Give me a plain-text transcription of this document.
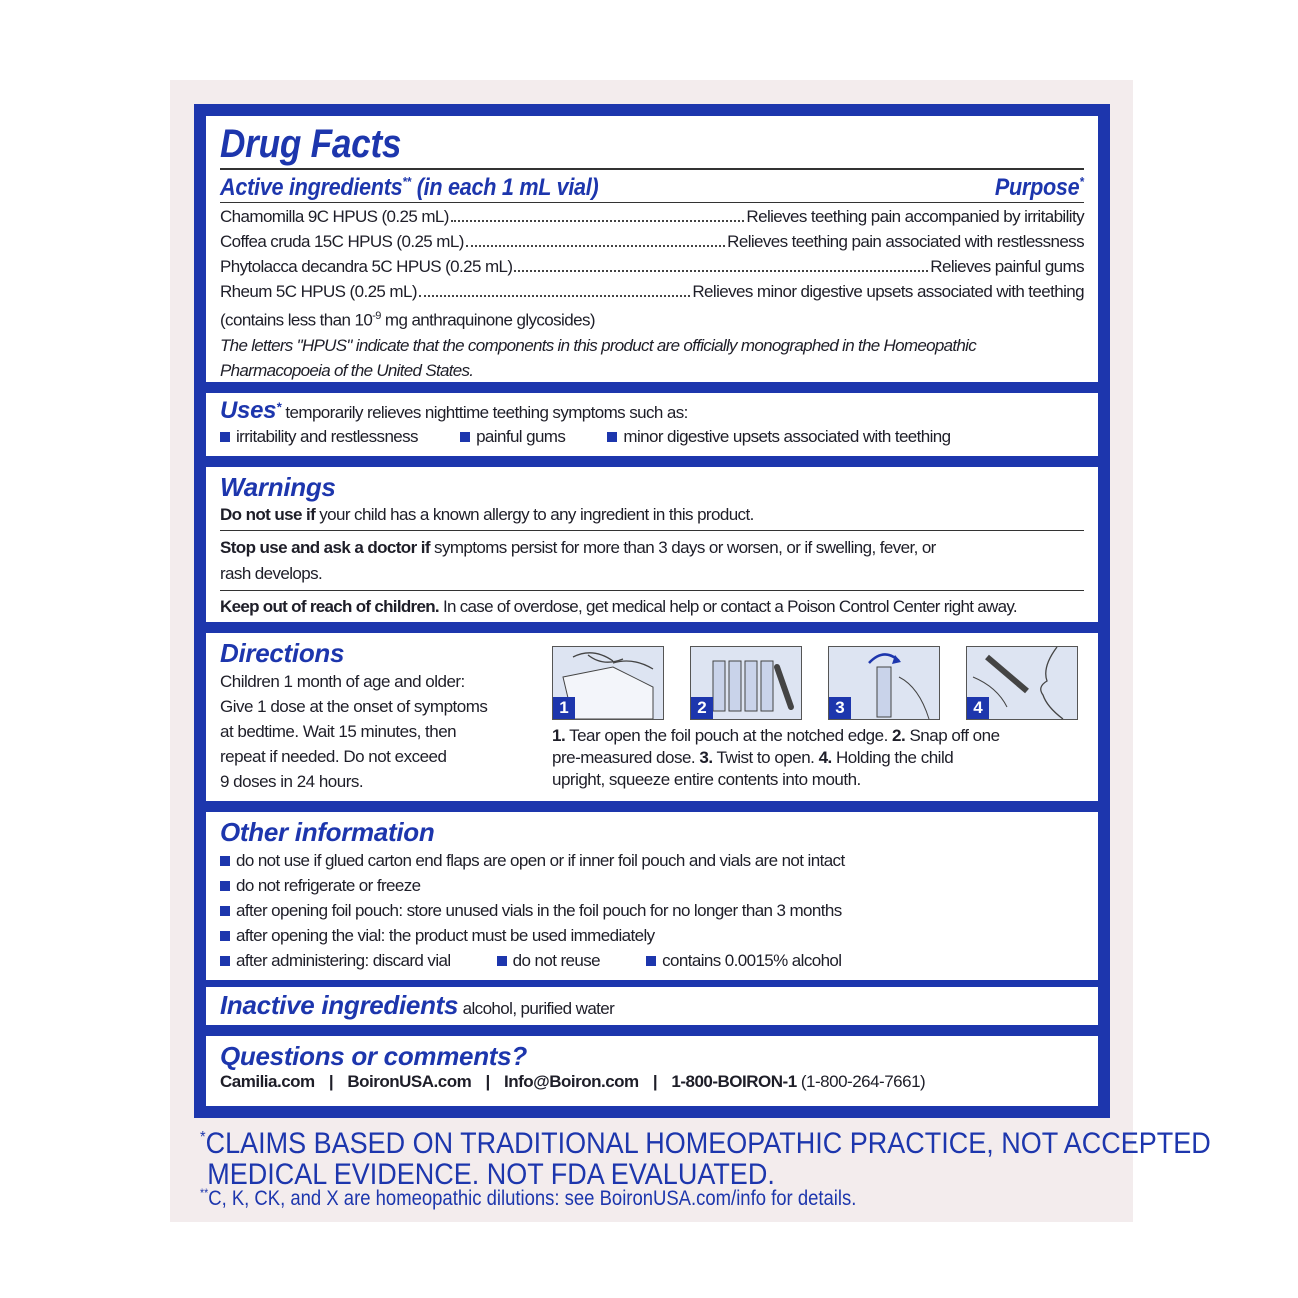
Drug Facts
Active ingredients** (in each 1 mL vial)	Purpose*
Chamomilla 9C HPUS (0.25 mL)	Relieves teething pain accompanied by irritability
Coffea cruda 15C HPUS (0.25 mL)	Relieves teething pain associated with restlessness
Phytolacca decandra 5C HPUS (0.25 mL)	Relieves painful gums
Rheum 5C HPUS (0.25 mL)	Relieves minor digestive upsets associated with teething
(contains less than $10^{-9}$ mg anthraquinone glycosides)
The letters "HPUS" indicate that the components in this product are officially monographed in the Homeopathic
Pharmacopoeia of the United States.
Uses* temporarily relieves nighttime teething symptoms such as:
irritability and restlessness	painful gums	minor digestive upsets associated with teething
Warnings
Do not use if your child has a known allergy to any ingredient in this product.
Stop use and ask a doctor if symptoms persist for more than 3 days or worsen, or if swelling, fever, or
rash develops.
Keep out of reach of children. In case of overdose, get medical help or contact a Poison Control Center right away.
Directions
Children 1 month of age and older:
Give 1 dose at the onset of symptoms
at bedtime. Wait 15 minutes, then
repeat if needed. Do not exceed
9 doses in 24 hours.
1	2	3	4
1. Tear open the foil pouch at the notched edge. 2. Snap off one
pre-measured dose. 3. Twist to open. 4. Holding the child
upright, squeeze entire contents into mouth.
Other information
do not use if glued carton end flaps are open or if inner foil pouch and vials are not intact
do not refrigerate or freeze
after opening foil pouch: store unused vials in the foil pouch for no longer than 3 months
after opening the vial: the product must be used immediately
after administering: discard vial	do not reuse	contains 0.0015% alcohol
Inactive ingredients alcohol, purified water
Questions or comments?
Camilia.com | BoironUSA.com | Info@Boiron.com | 1-800-BOIRON-1 (1-800-264-7661)
*CLAIMS BASED ON TRADITIONAL HOMEOPATHIC PRACTICE, NOT ACCEPTED
MEDICAL EVIDENCE. NOT FDA EVALUATED.
**C, K, CK, and X are homeopathic dilutions: see BoironUSA.com/info for details.
